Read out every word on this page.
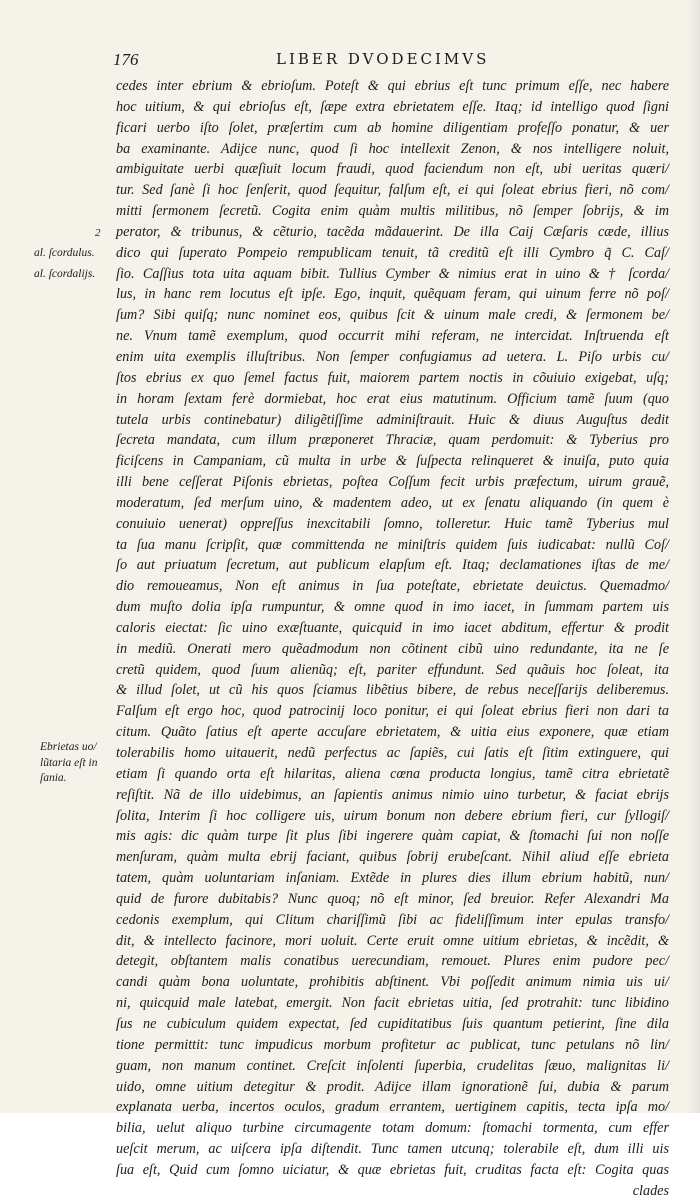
176	LIBER DVODECIMVS
2
al. ſcordulus.
al. ſcordalijs.
Ebrietas uo/
lũtaria eſt in
ſania.
cedes inter ebrium & ebrioſum. Poteſt & qui ebrius eſt tunc primum eſſe, nec habere
hoc uitium, & qui ebrioſus eſt, ſæpe extra ebrietatem eſſe. Itaq; id intelligo quod ſigni
ficari uerbo iſto ſolet, præſertim cum ab homine diligentiam profeſſo ponatur, & uer
ba examinante. Adijce nunc, quod ſi hoc intellexit Zenon, & nos intelligere noluit,
ambiguitate uerbi quæſiuit locum fraudi, quod faciendum non eſt, ubi ueritas quæri/
tur. Sed ſanè ſi hoc ſenſerit, quod ſequitur, falſum eſt, ei qui ſoleat ebrius fieri, nõ com/
mitti ſermonem ſecretũ. Cogita enim quàm multis militibus, nõ ſemper ſobrijs, & im
perator, & tribunus, & cẽturio, tacẽda mãdauerint. De illa Caij Cæſaris cæde, illius
dico qui ſuperato Pompeio rempublicam tenuit, tã creditũ eſt illi Cymbro q̃ C. Caſ/
ſio. Caſſius tota uita aquam bibit. Tullius Cymber & nimius erat in uino & † ſcorda/
lus, in hanc rem locutus eſt ipſe. Ego, inquit, quẽquam feram, qui uinum ferre nõ poſ/
ſum? Sibi quiſq; nunc nominet eos, quibus ſcit & uinum male credi, & ſermonem be/
ne. Vnum tamẽ exemplum, quod occurrit mihi referam, ne intercidat. Inſtruenda eſt
enim uita exemplis illuſtribus. Non ſemper confugiamus ad uetera. L. Piſo urbis cu/
ſtos ebrius ex quo ſemel factus fuit, maiorem partem noctis in cõuiuio exigebat, uſq;
in horam ſextam ferè dormiebat, hoc erat eius matutinum. Officium tamẽ ſuum (quo
tutela urbis continebatur) diligẽtiſſime adminiſtrauit. Huic & diuus Auguſtus dedit
ſecreta mandata, cum illum præponeret Thraciæ, quam perdomuit: & Tyberius pro
ficiſcens in Campaniam, cũ multa in urbe & ſuſpecta relinqueret & inuiſa, puto quia
illi bene ceſſerat Piſonis ebrietas, poſtea Coſſum fecit urbis præfectum, uirum grauẽ,
moderatum, ſed merſum uino, & madentem adeo, ut ex ſenatu aliquando (in quem è
conuiuio uenerat) oppreſſus inexcitabili ſomno, tolleretur. Huic tamẽ Tyberius mul
ta ſua manu ſcripſit, quæ committenda ne miniſtris quidem ſuis iudicabat: nullũ Coſ/
ſo aut priuatum ſecretum, aut publicum elapſum eſt. Itaq; declamationes iſtas de me/
dio remoueamus, Non eſt animus in ſua poteſtate, ebrietate deuictus. Quemadmo/
dum muſto dolia ipſa rumpuntur, & omne quod in imo iacet, in ſummam partem uis
caloris eiectat: ſic uino exæſtuante, quicquid in imo iacet abditum, effertur & prodit
in mediũ. Onerati mero quẽadmodum non cõtinent cibũ uino redundante, ita ne ſe
cretũ quidem, quod ſuum alienũq; eſt, pariter effundunt. Sed quãuis hoc ſoleat, ita
& illud ſolet, ut cũ his quos ſciamus libẽtius bibere, de rebus neceſſarijs deliberemus.
Falſum eſt ergo hoc, quod patrocinij loco ponitur, ei qui ſoleat ebrius fieri non dari ta
citum. Quãto ſatius eſt aperte accuſare ebrietatem, & uitia eius exponere, quæ etiam
tolerabilis homo uitauerit, nedũ perfectus ac ſapiẽs, cui ſatis eſt ſitim extinguere, qui
etiam ſi quando orta eſt hilaritas, aliena cœna producta longius, tamẽ citra ebrietatẽ
reſiſtit. Nã de illo uidebimus, an ſapientis animus nimio uino turbetur, & faciat ebrijs
ſolita, Interim ſi hoc colligere uis, uirum bonum non debere ebrium fieri, cur ſyllogiſ/
mis agis: dic quàm turpe ſit plus ſibi ingerere quàm capiat, & ſtomachi ſui non noſſe
menſuram, quàm multa ebrij faciant, quibus ſobrij erubeſcant. Nihil aliud eſſe ebrieta
tatem, quàm uoluntariam inſaniam. Extẽde in plures dies illum ebrium habitũ, nun/
quid de furore dubitabis? Nunc quoq; nõ eſt minor, ſed breuior. Refer Alexandri Ma
cedonis exemplum, qui Clitum chariſſimũ ſibi ac fideliſſimum inter epulas transfo/
dit, & intellecto facinore, mori uoluit. Certe eruit omne uitium ebrietas, & incẽdit, &
detegit, obſtantem malis conatibus uerecundiam, remouet. Plures enim pudore pec/
candi quàm bona uoluntate, prohibitis abſtinent. Vbi poſſedit animum nimia uis ui/
ni, quicquid male latebat, emergit. Non facit ebrietas uitia, ſed protrahit: tunc libidino
ſus ne cubiculum quidem expectat, ſed cupiditatibus ſuis quantum petierint, ſine dila
tione permittit: tunc impudicus morbum profitetur ac publicat, tunc petulans nõ lin/
guam, non manum continet. Creſcit inſolenti ſuperbia, crudelitas ſæuo, malignitas li/
uido, omne uitium detegitur & prodit. Adijce illam ignorationẽ ſui, dubia & parum
explanata uerba, incertos oculos, gradum errantem, uertiginem capitis, tecta ipſa mo/
bilia, uelut aliquo turbine circumagente totam domum: ſtomachi tormenta, cum effer
ueſcit merum, ac uiſcera ipſa diſtendit. Tunc tamen utcunq; tolerabile eſt, dum illi uis
ſua eſt, Quid cum ſomno uiciatur, & quæ ebrietas fuit, cruditas facta eſt: Cogita quas
clades
